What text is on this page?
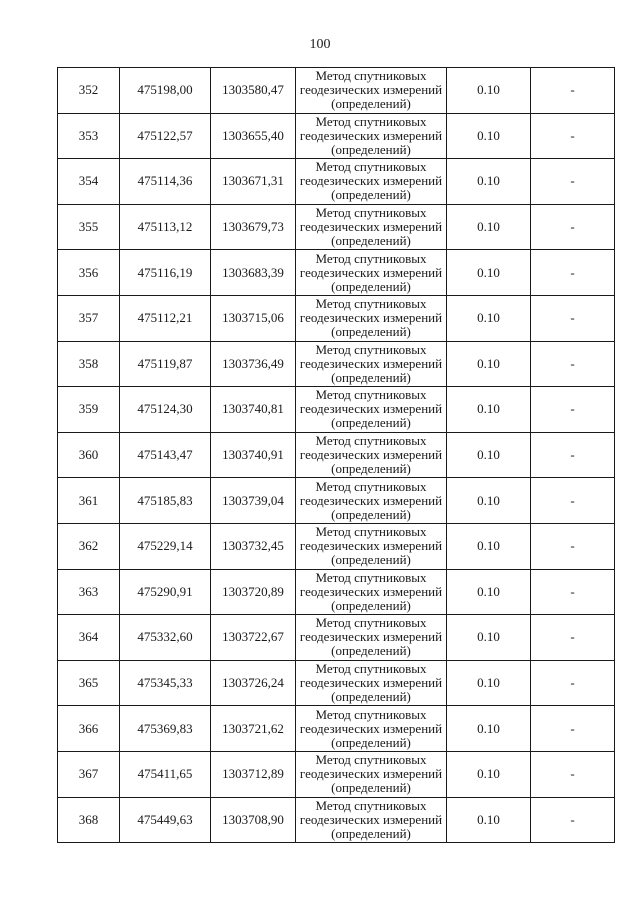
100
352	475198,00	1303580,47	Метод спутниковых
геодезических измерений
(определений)	0.10	-
353	475122,57	1303655,40	Метод спутниковых
геодезических измерений
(определений)	0.10	-
354	475114,36	1303671,31	Метод спутниковых
геодезических измерений
(определений)	0.10	-
355	475113,12	1303679,73	Метод спутниковых
геодезических измерений
(определений)	0.10	-
356	475116,19	1303683,39	Метод спутниковых
геодезических измерений
(определений)	0.10	-
357	475112,21	1303715,06	Метод спутниковых
геодезических измерений
(определений)	0.10	-
358	475119,87	1303736,49	Метод спутниковых
геодезических измерений
(определений)	0.10	-
359	475124,30	1303740,81	Метод спутниковых
геодезических измерений
(определений)	0.10	-
360	475143,47	1303740,91	Метод спутниковых
геодезических измерений
(определений)	0.10	-
361	475185,83	1303739,04	Метод спутниковых
геодезических измерений
(определений)	0.10	-
362	475229,14	1303732,45	Метод спутниковых
геодезических измерений
(определений)	0.10	-
363	475290,91	1303720,89	Метод спутниковых
геодезических измерений
(определений)	0.10	-
364	475332,60	1303722,67	Метод спутниковых
геодезических измерений
(определений)	0.10	-
365	475345,33	1303726,24	Метод спутниковых
геодезических измерений
(определений)	0.10	-
366	475369,83	1303721,62	Метод спутниковых
геодезических измерений
(определений)	0.10	-
367	475411,65	1303712,89	Метод спутниковых
геодезических измерений
(определений)	0.10	-
368	475449,63	1303708,90	Метод спутниковых
геодезических измерений
(определений)	0.10	-
